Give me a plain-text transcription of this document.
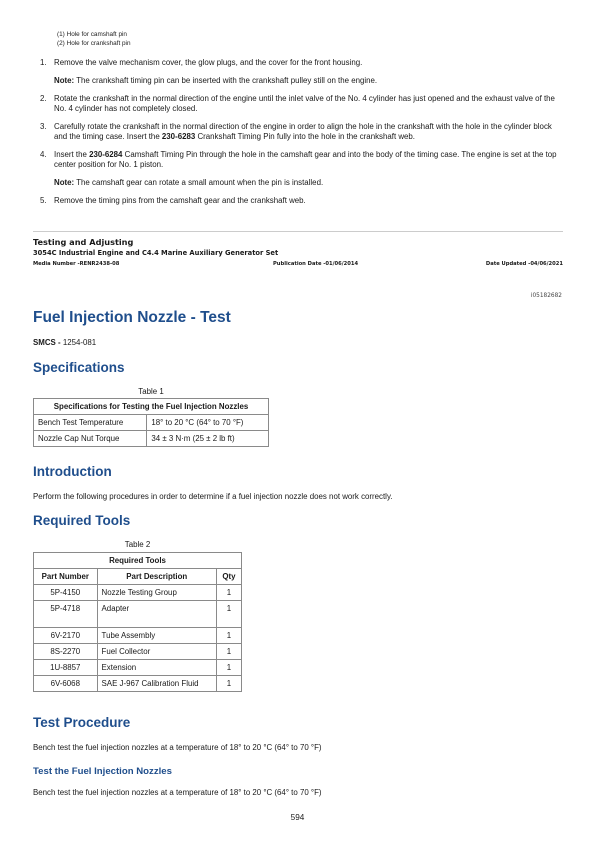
(1) Hole for camshaft pin
(2) Hole for crankshaft pin
1. Remove the valve mechanism cover, the glow plugs, and the cover for the front housing.
Note: The crankshaft timing pin can be inserted with the crankshaft pulley still on the engine.
2. Rotate the crankshaft in the normal direction of the engine until the inlet valve of the No. 4 cylinder has just opened and the exhaust valve of the No. 4 cylinder has not completely closed.
3. Carefully rotate the crankshaft in the normal direction of the engine in order to align the hole in the crankshaft with the hole in the cylinder block and the timing case. Insert the 230-6283 Crankshaft Timing Pin fully into the hole in the crankshaft web.
4. Insert the 230-6284 Camshaft Timing Pin through the hole in the camshaft gear and into the body of the timing case. The engine is set at the top center position for No. 1 piston.
Note: The camshaft gear can rotate a small amount when the pin is installed.
5. Remove the timing pins from the camshaft gear and the crankshaft web.
Testing and Adjusting
3054C Industrial Engine and C4.4 Marine Auxiliary Generator Set
Media Number -RENR2438-08	Publication Date -01/06/2014	Date Updated -04/06/2021
i05182682
Fuel Injection Nozzle - Test
SMCS - 1254-081
Specifications
Table 1
Specifications for Testing the Fuel Injection Nozzles	
Bench Test Temperature	18° to 20 °C (64° to 70 °F)
Nozzle Cap Nut Torque	34 ± 3 N·m (25 ± 2 lb ft)
Introduction
Perform the following procedures in order to determine if a fuel injection nozzle does not work correctly.
Required Tools
Table 2
Required Tools		
Part Number	Part Description	Qty
5P-4150	Nozzle Testing Group	1
5P-4718	Adapter	1
6V-2170	Tube Assembly	1
8S-2270	Fuel Collector	1
1U-8857	Extension	1
6V-6068	SAE J-967 Calibration Fluid	1
Test Procedure
Bench test the fuel injection nozzles at a temperature of 18° to 20 °C (64° to 70 °F)
Test the Fuel Injection Nozzles
Bench test the fuel injection nozzles at a temperature of 18° to 20 °C (64° to 70 °F)
594
